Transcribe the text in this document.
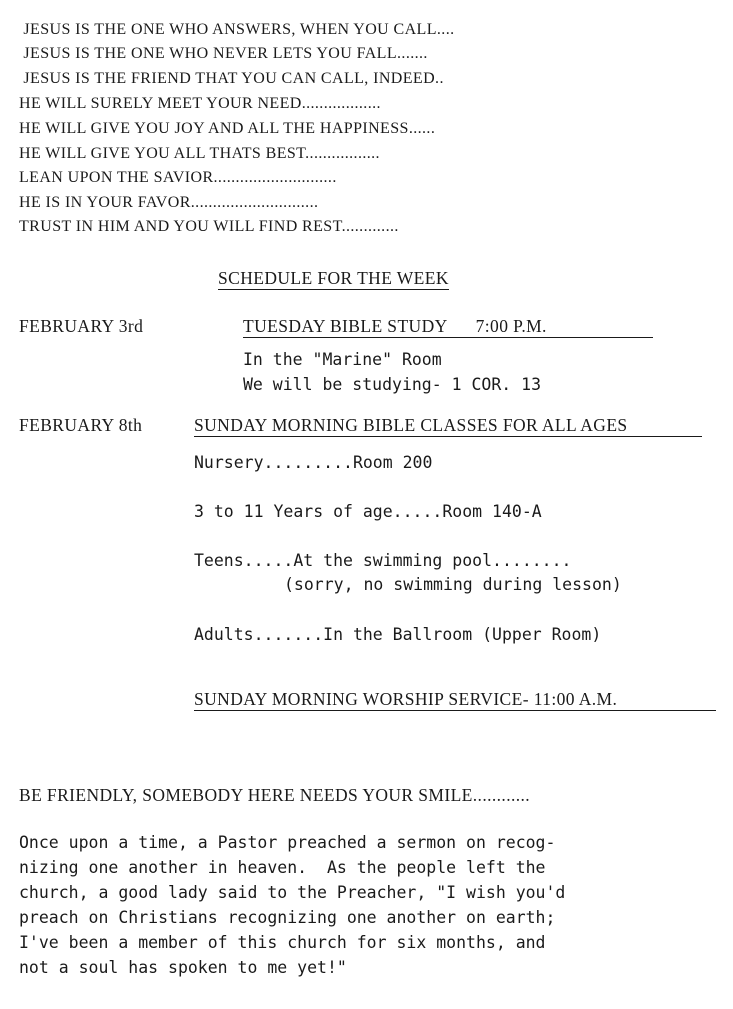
JESUS IS THE ONE WHO ANSWERS, WHEN YOU CALL....
JESUS IS THE ONE WHO NEVER LETS YOU FALL.......
JESUS IS THE FRIEND THAT YOU CAN CALL, INDEED..
HE WILL SURELY MEET YOUR NEED..................
HE WILL GIVE YOU JOY AND ALL THE HAPPINESS......
HE WILL GIVE YOU ALL THATS BEST.................
LEAN UPON THE SAVIOR............................
HE IS IN YOUR FAVOR.............................
TRUST IN HIM AND YOU WILL FIND REST.............
SCHEDULE FOR THE WEEK
FEBRUARY 3rd	TUESDAY BIBLE STUDY      7:00 P.M.
In the "Marine" Room
We will be studying- 1 COR. 13
FEBRUARY 8th	SUNDAY MORNING BIBLE CLASSES FOR ALL AGES
Nursery.........Room 200
3 to 11 Years of age.....Room 140-A
Teens.....At the swimming pool........
(sorry, no swimming during lesson)
Adults.......In the Ballroom (Upper Room)
SUNDAY MORNING WORSHIP SERVICE- 11:00 A.M.
BE FRIENDLY, SOMEBODY HERE NEEDS YOUR SMILE............
Once upon a time, a Pastor preached a sermon on recog-
nizing one another in heaven.  As the people left the
church, a good lady said to the Preacher, "I wish you'd
preach on Christians recognizing one another on earth;
I've been a member of this church for six months, and
not a soul has spoken to me yet!"
